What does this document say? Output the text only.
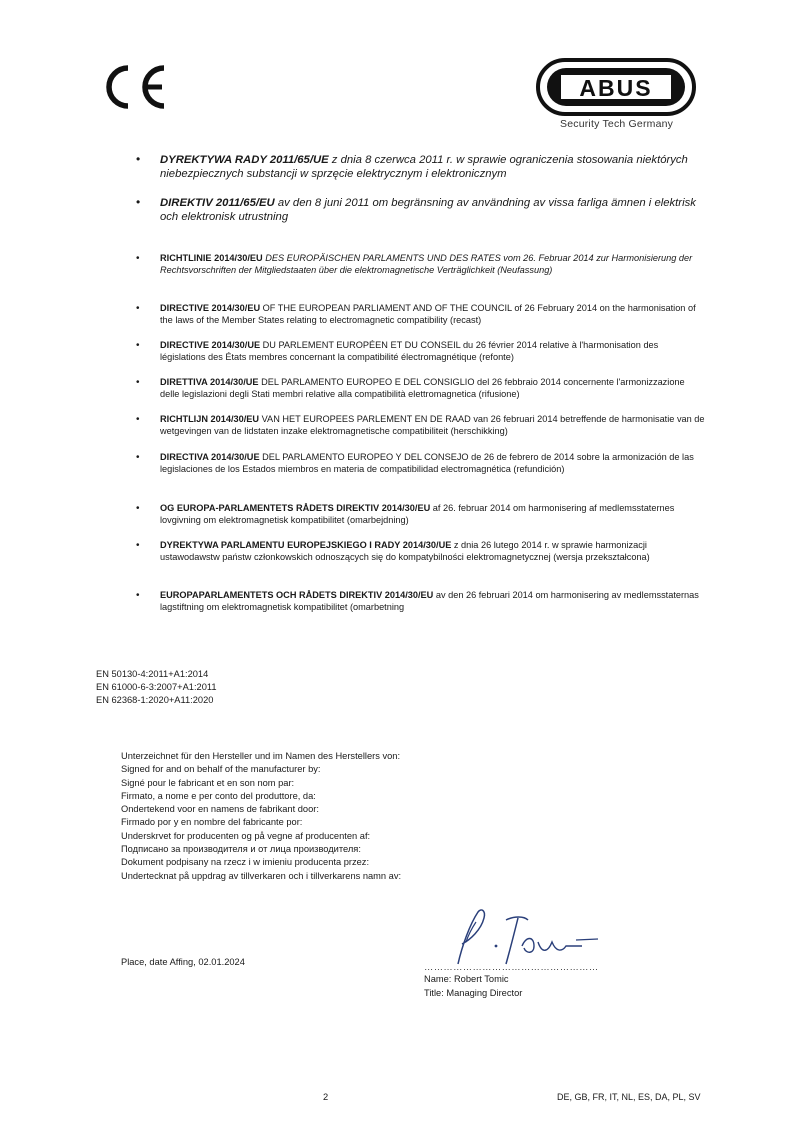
ABUS
Security Tech Germany
• DYREKTYWA RADY 2011/65/UE z dnia 8 czerwca 2011 r. w sprawie ograniczenia stosowania niektórych niebezpiecznych substancji w sprzęcie elektrycznym i elektronicznym
• DIREKTIV 2011/65/EU av den 8 juni 2011 om begränsning av användning av vissa farliga ämnen i elektrisk och elektronisk utrustning
• RICHTLINIE 2014/30/EU DES EUROPÄISCHEN PARLAMENTS UND DES RATES vom 26. Februar 2014 zur Harmonisierung der Rechtsvorschriften der Mitgliedstaaten über die elektromagnetische Verträglichkeit (Neufassung)
• DIRECTIVE 2014/30/EU OF THE EUROPEAN PARLIAMENT AND OF THE COUNCIL of 26 February 2014 on the harmonisation of the laws of the Member States relating to electromagnetic compatibility (recast)
• DIRECTIVE 2014/30/UE DU PARLEMENT EUROPÉEN ET DU CONSEIL du 26 février 2014 relative à l'harmonisation des législations des États membres concernant la compatibilité électromagnétique (refonte)
• DIRETTIVA 2014/30/UE DEL PARLAMENTO EUROPEO E DEL CONSIGLIO del 26 febbraio 2014 concernente l'armonizzazione delle legislazioni degli Stati membri relative alla compatibilità elettromagnetica (rifusione)
• RICHTLIJN 2014/30/EU VAN HET EUROPEES PARLEMENT EN DE RAAD van 26 februari 2014 betreffende de harmonisatie van de wetgevingen van de lidstaten inzake elektromagnetische compatibiliteit (herschikking)
• DIRECTIVA 2014/30/UE DEL PARLAMENTO EUROPEO Y DEL CONSEJO de 26 de febrero de 2014 sobre la armonización de las legislaciones de los Estados miembros en materia de compatibilidad electromagnética (refundición)
• OG EUROPA-PARLAMENTETS RÅDETS DIREKTIV 2014/30/EU af 26. februar 2014 om harmonisering af medlemsstaternes lovgivning om elektromagnetisk kompatibilitet (omarbejdning)
• DYREKTYWA PARLAMENTU EUROPEJSKIEGO I RADY 2014/30/UE z dnia 26 lutego 2014 r. w sprawie harmonizacji ustawodawstw państw członkowskich odnoszących się do kompatybilności elektromagnetycznej (wersja przekształcona)
• EUROPAPARLAMENTETS OCH RÅDETS DIREKTIV 2014/30/EU av den 26 februari 2014 om harmonisering av medlemsstaternas lagstiftning om elektromagnetisk kompatibilitet (omarbetning
EN 50130-4:2011+A1:2014
EN 61000-6-3:2007+A1:2011
EN 62368-1:2020+A11:2020
Unterzeichnet für den Hersteller und im Namen des Herstellers von:
Signed for and on behalf of the manufacturer by:
Signé pour le fabricant et en son nom par:
Firmato, a nome e per conto del produttore, da:
Ondertekend voor en namens de fabrikant door:
Firmado por y en nombre del fabricante por:
Underskrvet for producenten og på vegne af producenten af:
Подписано за производителя и от лица производителя:
Dokument podpisany na rzecz i w imieniu producenta przez:
Undertecknat på uppdrag av tillverkaren och i tillverkarens namn av:
Place, date Affing, 02.01.2024	………………………………………………
Name: Robert Tomic
Title: Managing Director
2	DE, GB, FR, IT, NL, ES, DA, PL, SV
